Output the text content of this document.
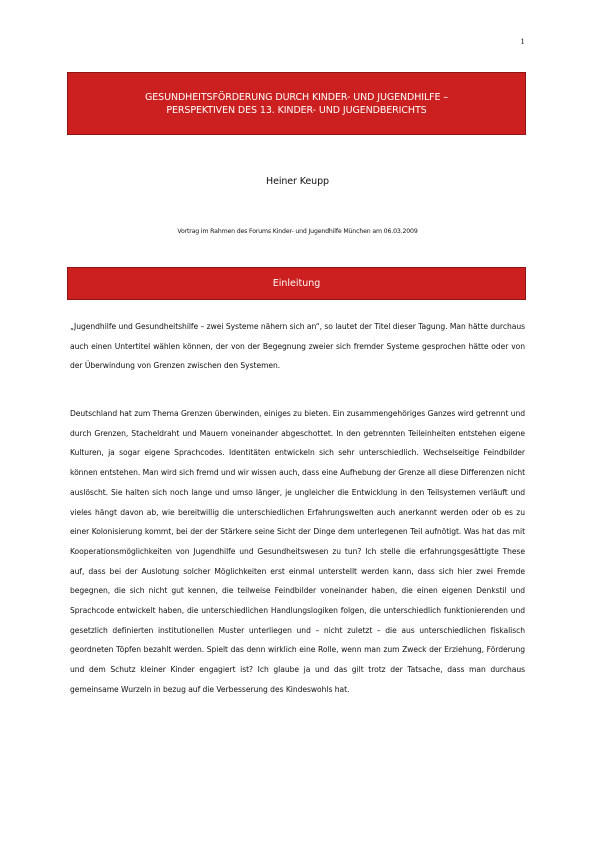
1
GESUNDHEITSFÖRDERUNG DURCH KINDER- UND JUGENDHILFE –
PERSPEKTIVEN DES 13. KINDER- UND JUGENDBERICHTS
Heiner Keupp
Vortrag im Rahmen des Forums Kinder- und Jugendhilfe München am 06.03.2009
Einleitung

„Jugendhilfe und Gesundheitshilfe – zwei Systeme nähern sich an“, so lautet der Titel dieser Tagung. Man hätte durchaus auch einen Untertitel wählen können, der von der Begegnung zweier sich fremder Systeme gesprochen hätte oder von der Überwindung von Grenzen zwischen den Systemen.

Deutschland hat zum Thema Grenzen überwinden, einiges zu bieten. Ein zusammengehöriges Ganzes wird getrennt und durch Grenzen, Stacheldraht und Mauern voneinander abgeschottet. In den getrennten Teileinheiten entstehen eigene Kulturen, ja sogar eigene Sprachcodes. Identitäten entwickeln sich sehr unterschiedlich. Wechselseitige Feindbilder können entstehen. Man wird sich fremd und wir wissen auch, dass eine Aufhebung der Grenze all diese Differenzen nicht auslöscht. Sie halten sich noch lange und umso länger, je ungleicher die Entwicklung in den Teilsystemen verläuft und vieles hängt davon ab, wie bereitwillig die unterschiedlichen Erfahrungswelten auch anerkannt werden oder ob es zu einer Kolonisierung kommt, bei der der Stärkere seine Sicht der Dinge dem unterlegenen Teil aufnötigt. Was hat das mit Kooperationsmöglichkeiten von Jugendhilfe und Gesundheitswesen zu tun? Ich stelle die erfahrungsgesättigte These auf, dass bei der Auslotung solcher Möglichkeiten erst einmal unterstellt werden kann, dass sich hier zwei Fremde begegnen, die sich nicht gut kennen, die teilweise Feindbilder voneinander haben, die einen eigenen Denkstil und Sprachcode entwickelt haben, die unterschiedlichen Handlungslogiken folgen, die unterschiedlich funktionierenden und gesetzlich definierten institutionellen Muster unterliegen und – nicht zuletzt – die aus unterschiedlichen fiskalisch geordneten Töpfen bezahlt werden. Spielt das denn wirklich eine Rolle, wenn man zum Zweck der Erziehung, Förderung und dem Schutz kleiner Kinder engagiert ist? Ich glaube ja und das gilt trotz der Tatsache, dass man durchaus gemeinsame Wurzeln in bezug auf die Verbesserung des Kindeswohls hat.
